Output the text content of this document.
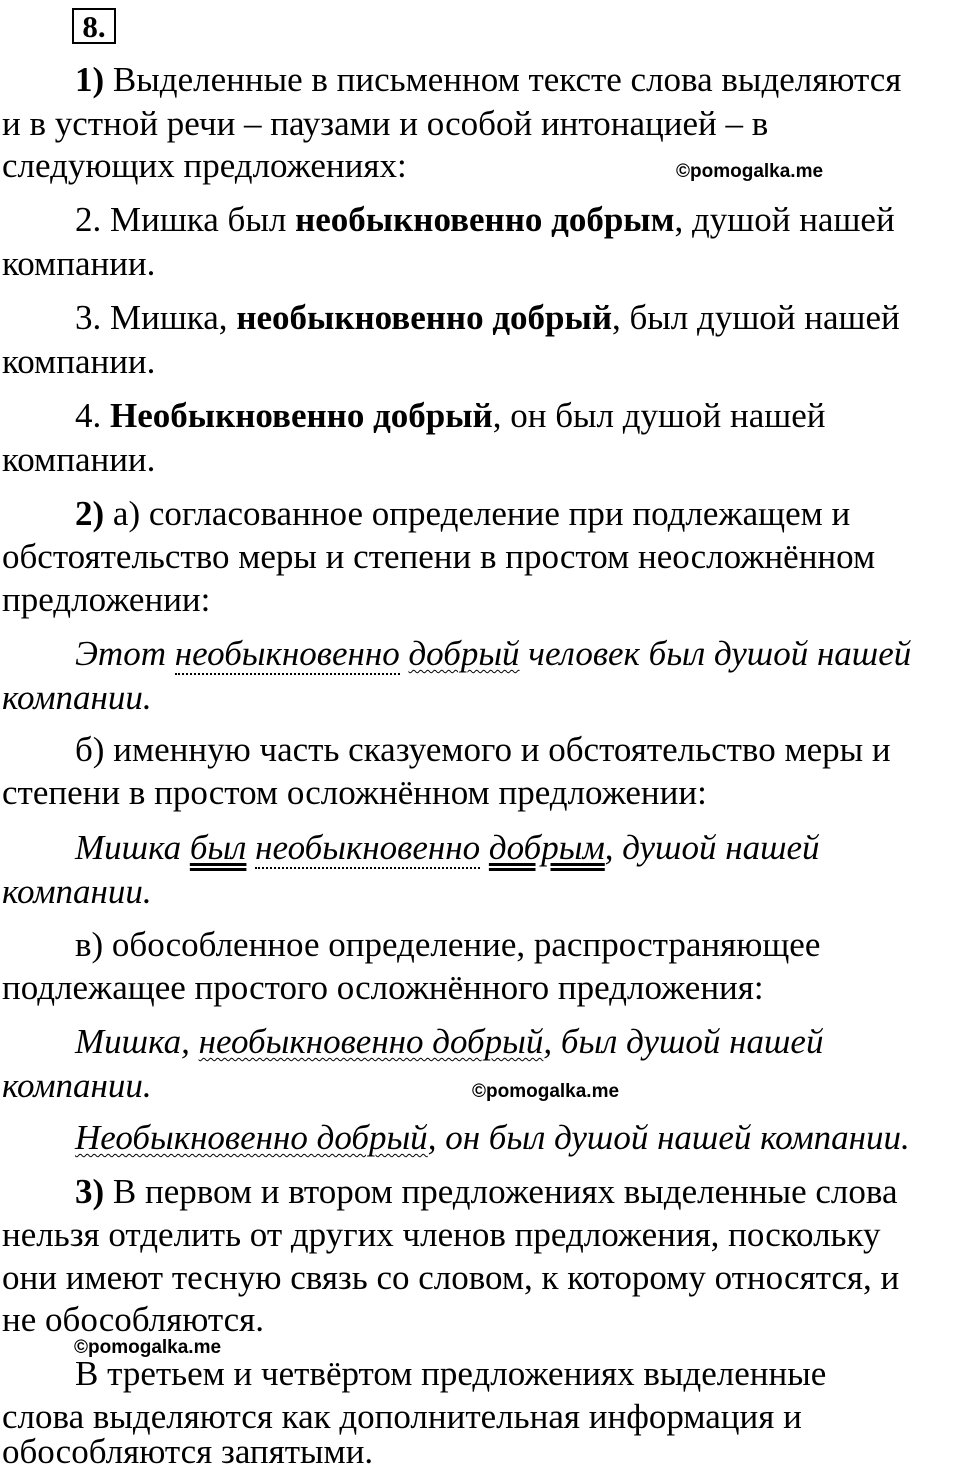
8.
1) Выделенные в письменном тексте слова выделяются
и в устной речи – паузами и особой интонацией – в
следующих предложениях:	©pomogalka.me
2. Мишка был необыкновенно добрым, душой нашей
компании.
3. Мишка, необыкновенно добрый, был душой нашей
компании.
4. Необыкновенно добрый, он был душой нашей
компании.
2) а) согласованное определение при подлежащем и
обстоятельство меры и степени в простом неосложнённом
предложении:
Этот необыкновенно добрый человек был душой нашей
компании.
б) именную часть сказуемого и обстоятельство меры и
степени в простом осложнённом предложении:
Мишка был необыкновенно добрым, душой нашей
компании.
в) обособленное определение, распространяющее
подлежащее простого осложнённого предложения:
Мишка, необыкновенно добрый, был душой нашей
компании.	©pomogalka.me
Необыкновенно добрый, он был душой нашей компании.
3) В первом и втором предложениях выделенные слова
нельзя отделить от других членов предложения, поскольку
они имеют тесную связь со словом, к которому относятся, и
не обособляются.
©pomogalka.me
В третьем и четвёртом предложениях выделенные
слова выделяются как дополнительная информация и
обособляются запятыми.
